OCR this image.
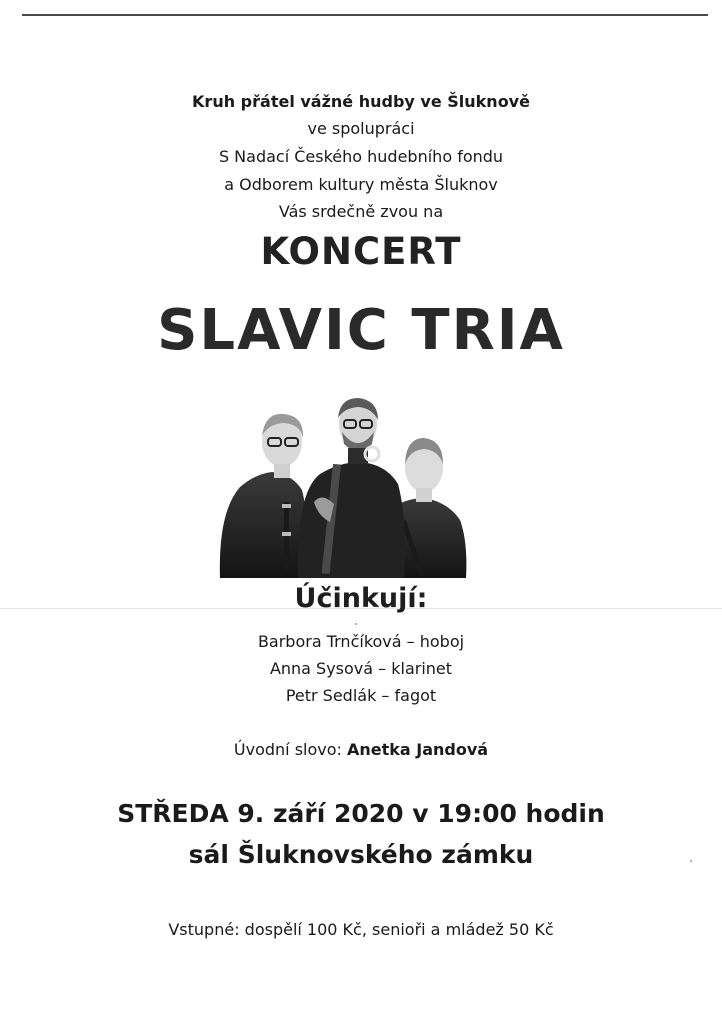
Kruh přátel vážné hudby ve Šluknově
ve spolupráci
S Nadací Českého hudebního fondu
a Odborem kultury města Šluknov
Vás srdečně zvou na
KONCERT
SLAVIC TRIA
Účinkují:
Barbora Trnčíková – hoboj
Anna Sysová – klarinet
Petr Sedlák – fagot
Úvodní slovo: Anetka Jandová
STŘEDA 9. září 2020 v 19:00 hodin
sál Šluknovského zámku
Vstupné: dospělí 100 Kč, senioři a mládež 50 Kč
